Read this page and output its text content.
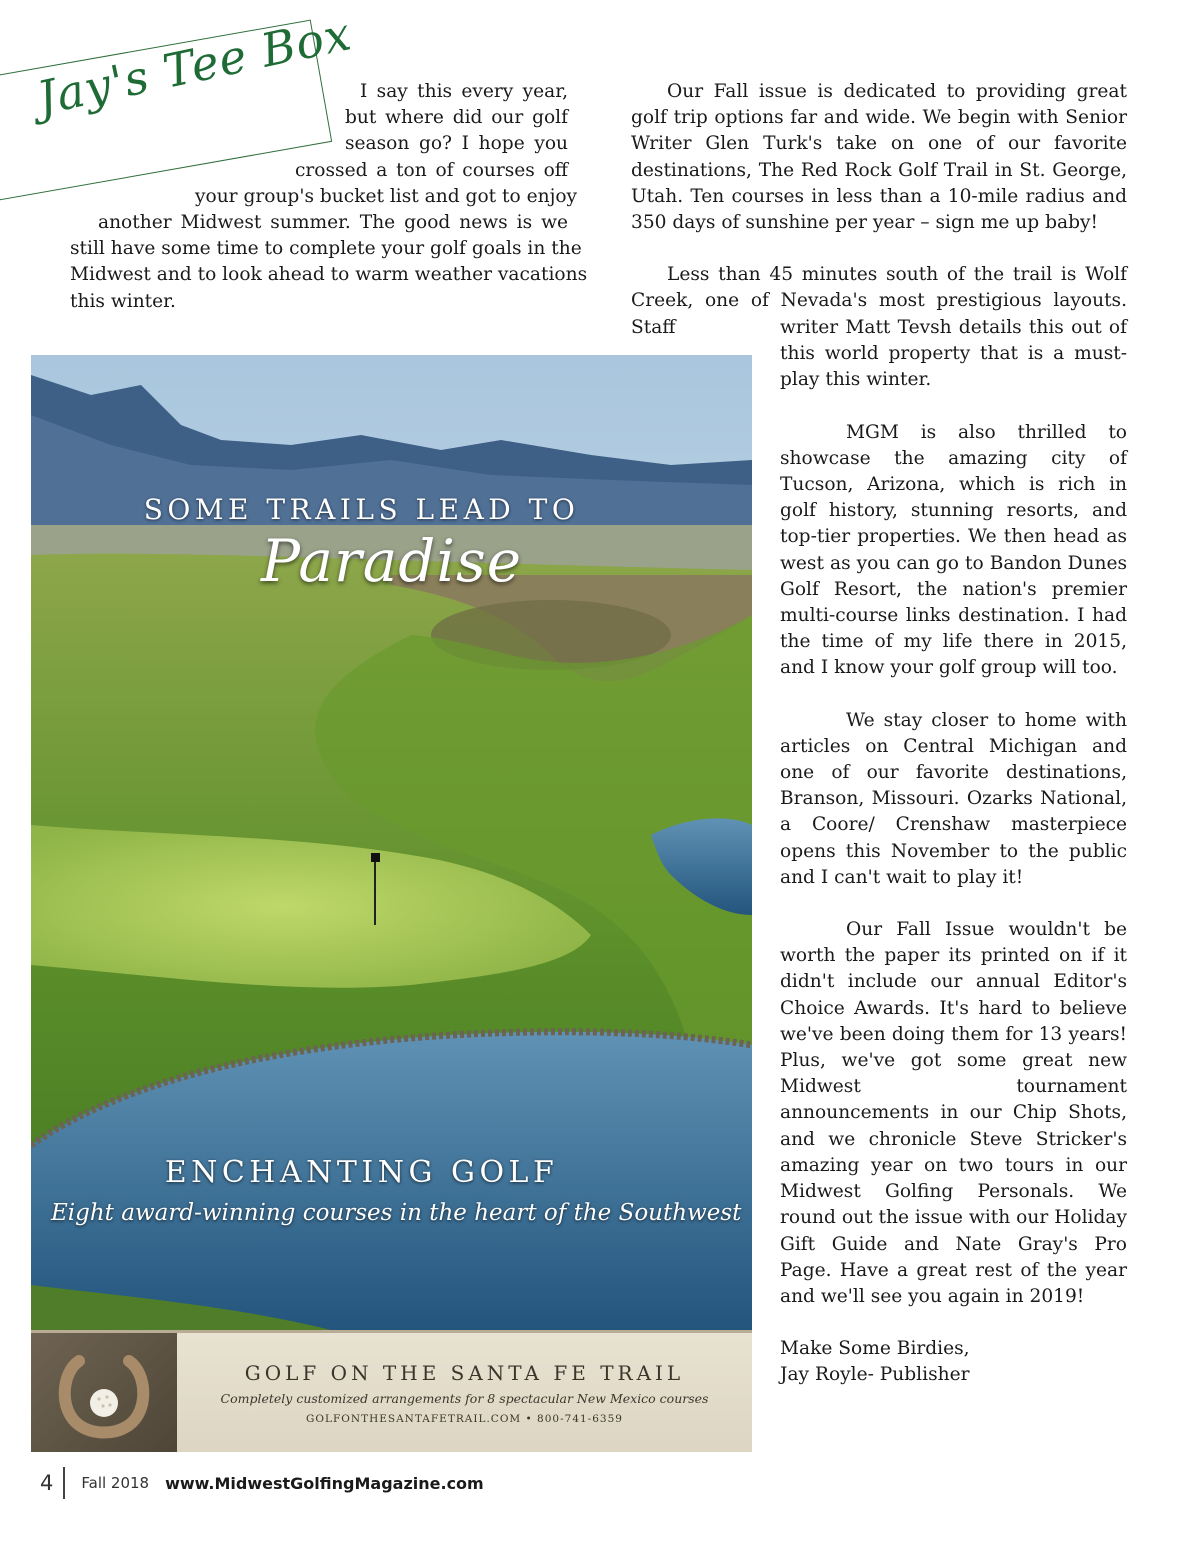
Jay's Tee Box I say this every year,
but where did our golf
season go? I hope you
crossed a ton of courses off
your group's bucket list and got to enjoy
another Midwest summer. The good news is we
still have some time to complete your golf goals in the
Midwest and to look ahead to warm weather vacations
this winter.

Our Fall issue is dedicated to providing great golf trip options far and wide. We begin with Senior Writer Glen Turk's take on one of our favorite destinations, The Red Rock Golf Trail in St. George, Utah. Ten courses in less than a 10-mile radius and 350 days of sunshine per year – sign me up baby!

Less than 45 minutes south of the trail is Wolf Creek, one of Nevada's most prestigious layouts. Staff	writer Matt Tevsh details this out of this world property that is a must-play this winter.

MGM is also thrilled to showcase the amazing city of Tucson, Arizona, which is rich in golf history, stunning resorts, and top-tier properties. We then head as west as you can go to Bandon Dunes Golf Resort, the nation's premier multi-course links destination. I had the time of my life there in 2015, and I know your golf group will too.

We stay closer to home with articles on Central Michigan and one of our favorite destinations, Branson, Missouri. Ozarks National, a Coore/ Crenshaw masterpiece opens this November to the public and I can't wait to play it!

Our Fall Issue wouldn't be worth the paper its printed on if it didn't include our annual Editor's Choice Awards. It's hard to believe we've been doing them for 13 years! Plus, we've got some great new Midwest tournament announcements in our Chip Shots, and we chronicle Steve Stricker's amazing year on two tours in our Midwest Golfing Personals. We round out the issue with our Holiday Gift Guide and Nate Gray's Pro Page. Have a great rest of the year and we'll see you again in 2019!

Make Some Birdies,
Jay Royle- Publisher
SOME TRAILS LEAD TO
Paradise
ENCHANTING GOLF
Eight award-winning courses in the heart of the Southwest
GOLF ON THE SANTA FE TRAIL
Completely customized arrangements for 8 spectacular New Mexico courses
GOLFONTHESANTAFETRAIL.COM • 800-741-6359
4 Fall 2018 www.MidwestGolfingMagazine.com
